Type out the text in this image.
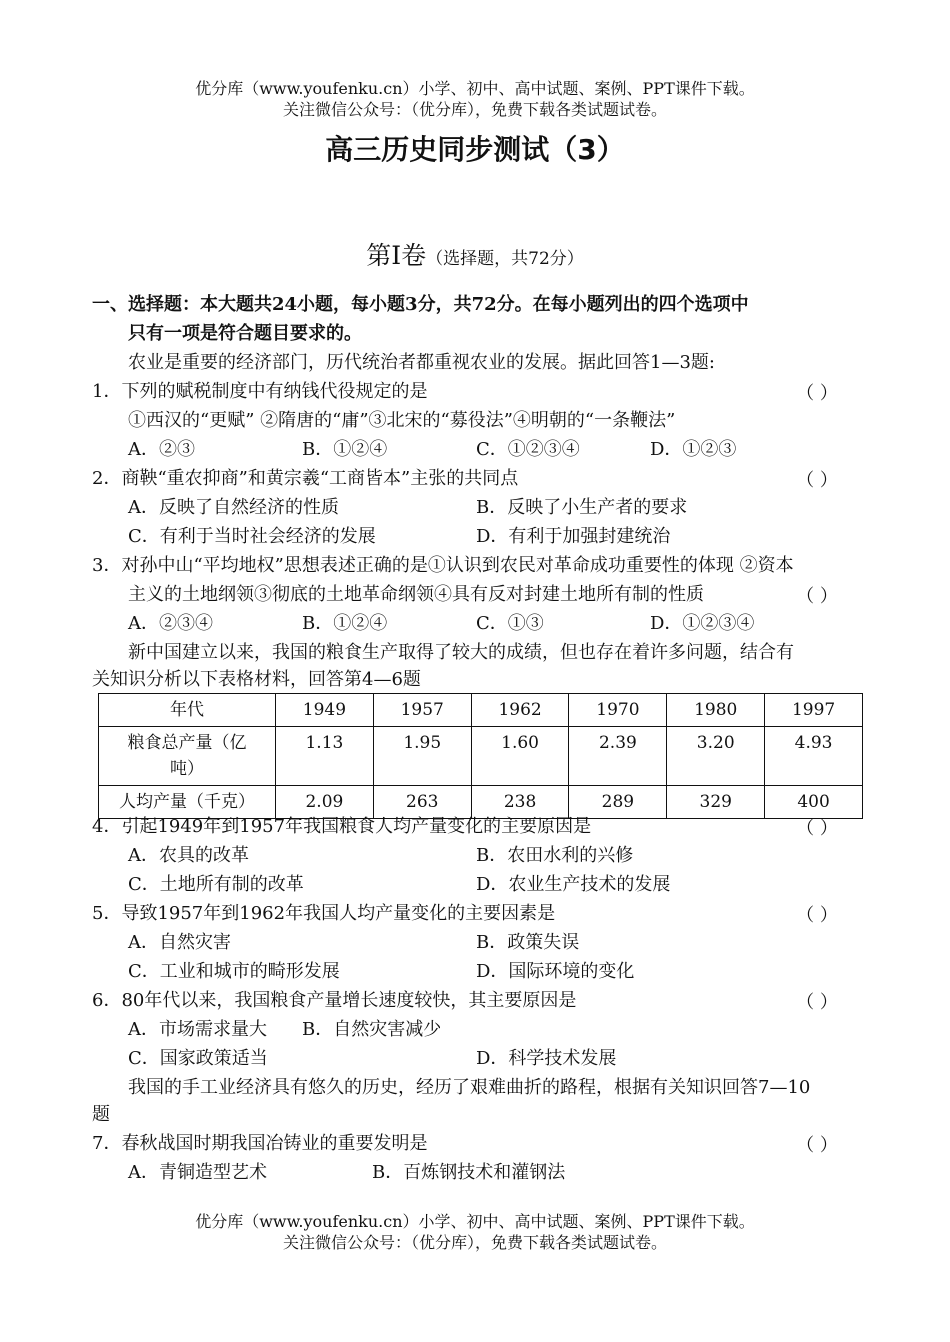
优分库（www.youfenku.cn）小学、初中、高中试题、案例、PPT课件下载。
关注微信公众号：（优分库），免费下载各类试题试卷。
高三历史同步测试（3）
第Ⅰ卷（选择题，共72分）
一、选择题：本大题共24小题，每小题3分，共72分。在每小题列出的四个选项中
只有一项是符合题目要求的。
农业是重要的经济部门，历代统治者都重视农业的发展。据此回答1—3题:
1．下列的赋税制度中有纳钱代役规定的是	（ ）
①西汉的“更赋” ②隋唐的“庸”③北宋的“募役法”④明朝的“一条鞭法”
A．②③	B．①②④	C．①②③④	D．①②③
2．商鞅“重农抑商”和黄宗羲“工商皆本”主张的共同点	（ ）
A．反映了自然经济的性质	B．反映了小生产者的要求
C．有利于当时社会经济的发展	D．有利于加强封建统治
3．对孙中山“平均地权”思想表述正确的是①认识到农民对革命成功重要性的体现 ②资本
主义的土地纲领③彻底的土地革命纲领④具有反对封建土地所有制的性质	（ ）
A．②③④	B．①②④	C．①③	D．①②③④
新中国建立以来，我国的粮食生产取得了较大的成绩，但也存在着许多问题，结合有
关知识分析以下表格材料，回答第4—6题
年代	1949	1957	1962	1970	1980	1997
粮食总产量（亿吨）	1.13	1.95	1.60	2.39	3.20	4.93
人均产量（千克）	2.09	263	238	289	329	400
4．引起1949年到1957年我国粮食人均产量变化的主要原因是	（ ）
A．农具的改革	B．农田水利的兴修
C．土地所有制的改革	D．农业生产技术的发展
5．导致1957年到1962年我国人均产量变化的主要因素是	（ ）
A．自然灾害	B．政策失误
C．工业和城市的畸形发展	D．国际环境的变化
6．80年代以来，我国粮食产量增长速度较快，其主要原因是	（ ）
A．市场需求量大 B．自然灾害减少
C．国家政策适当	D．科学技术发展
我国的手工业经济具有悠久的历史，经历了艰难曲折的路程，根据有关知识回答7—10
题
7．春秋战国时期我国冶铸业的重要发明是	（ ）
A．青铜造型艺术	B．百炼钢技术和灌钢法
优分库（www.youfenku.cn）小学、初中、高中试题、案例、PPT课件下载。
关注微信公众号：（优分库），免费下载各类试题试卷。
